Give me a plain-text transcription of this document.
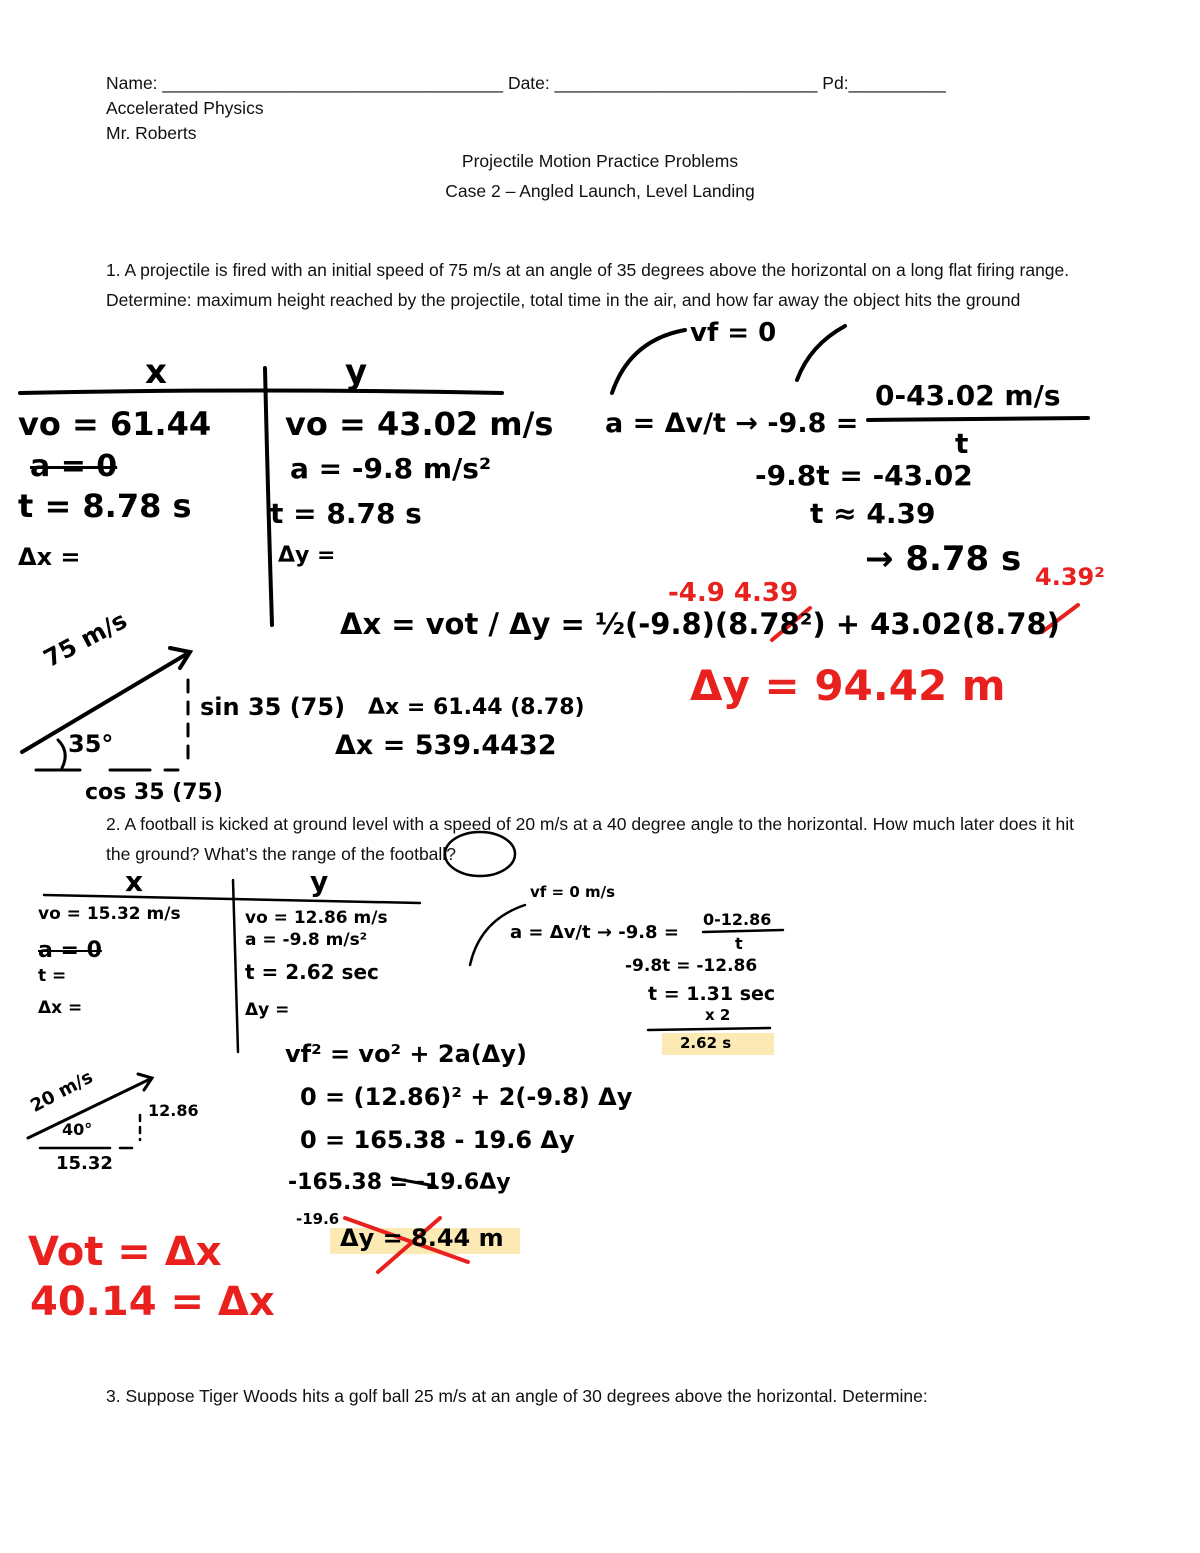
Name: ___________________________________ Date: ___________________________ Pd:__________
Accelerated Physics
Mr. Roberts
Projectile Motion Practice Problems
Case 2 – Angled Launch, Level Landing
1. A projectile is fired with an initial speed of 75 m/s at an angle of 35 degrees above the horizontal on a long flat firing range. Determine: maximum height reached by the projectile, total time in the air, and how far away the object hits the ground
2. A football is kicked at ground level with a speed of 20 m/s at a 40 degree angle to the horizontal. How much later does it hit the ground? What’s the range of the football?
3. Suppose Tiger Woods hits a golf ball 25 m/s at an angle of 30 degrees above the horizontal. Determine:
x	y
vo = 61.44
a = 0
t = 8.78 s
Δx =
vo = 43.02 m/s
a = -9.8 m/s²
t = 8.78 s
Δy =
vf = 0
a = Δv/t → -9.8 =
0-43.02 m/s
t
-9.8t = -43.02
t ≈ 4.39
→ 8.78 s
-4.9 4.39
4.39²
Δx = vot / Δy = ½(-9.8)(8.78²) + 43.02(8.78)
Δy = 94.42 m
75 m/s
35°
sin 35 (75)
cos 35 (75)
Δx = 61.44 (8.78)
Δx = 539.4432
x	y
vo = 15.32 m/s
a = 0
t =
Δx =
vo = 12.86 m/s
a = -9.8 m/s²
t = 2.62 sec
Δy =
vf = 0 m/s
a = Δv/t → -9.8 =
0-12.86
t
-9.8t = -12.86
t = 1.31 sec
x 2
2.62 s
vf² = vo² + 2a(Δy)
0 = (12.86)² + 2(-9.8) Δy
0 = 165.38 - 19.6 Δy
-165.38 = -19.6Δy
-19.6
Δy = 8.44 m
20 m/s
40°
12.86
15.32
Vot = Δx
40.14 = Δx
